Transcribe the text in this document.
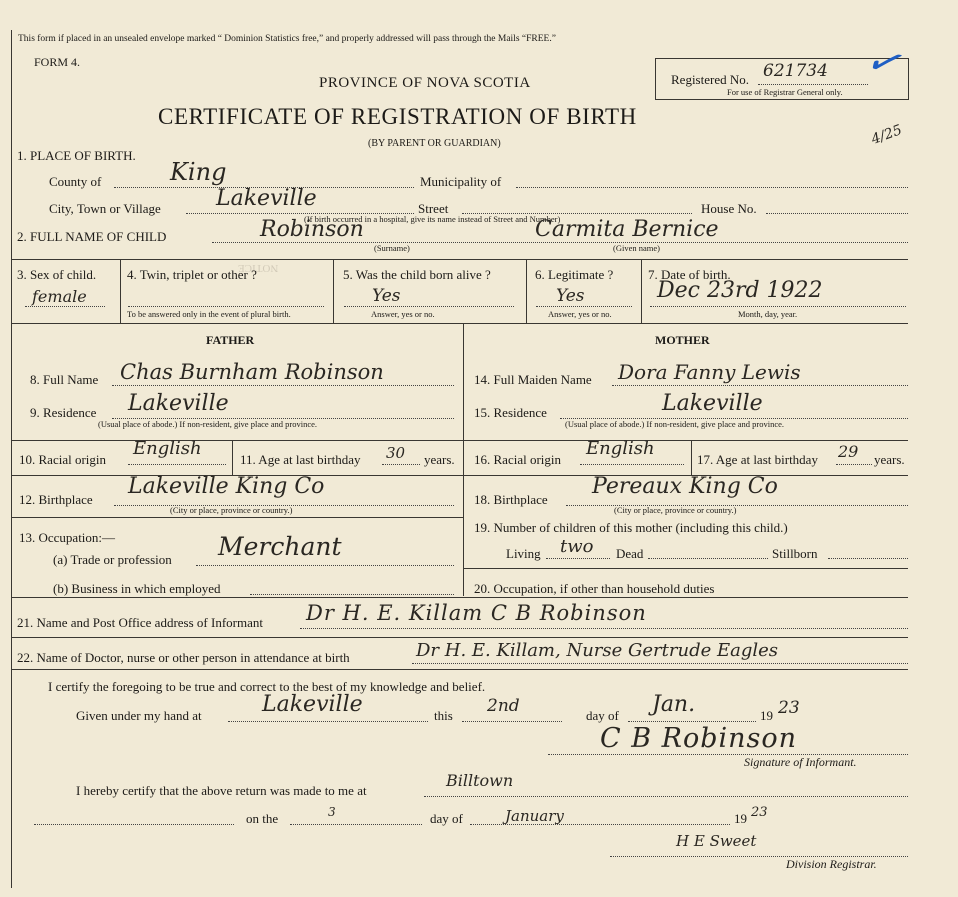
NOTICE
This form if placed in an unsealed envelope marked “ Dominion Statistics free,” and properly addressed will pass through the Mails “FREE.”
FORM 4.
PROVINCE OF NOVA SCOTIA
CERTIFICATE OF REGISTRATION OF BIRTH
(BY PARENT OR GUARDIAN)
Registered No. 621734
For use of Registrar General only.
✓
4/25
1. PLACE OF BIRTH.
County of	King	Municipality of
City, Town or Village	Lakeville	Street	House No.
(If birth occurred in a hospital, give its name instead of Street and Number)
2. FULL NAME OF CHILD	Robinson
(Surname)
Carmita Bernice
(Given name)
3. Sex of child.
female
4. Twin, triplet or other ?
To be answered only in the event of plural birth.
5. Was the child born alive ?
Yes
Answer, yes or no.
6. Legitimate ?
Yes
Answer, yes or no.
7. Date of birth.
Dec 23rd 1922
Month, day, year.
FATHER	MOTHER
8. Full Name Chas Burnham Robinson
9. Residence Lakeville
(Usual place of abode.) If non-resident, give place and province.
10. Racial origin
English
11. Age at last birthday 30 years.
12. Birthplace
Lakeville King Co
(City or place, province or country.)
13. Occupation:—
(a) Trade or profession Merchant
(b) Business in which employed
14. Full Maiden Name Dora Fanny Lewis
15. Residence	Lakeville
(Usual place of abode.) If non-resident, give place and province.
16. Racial origin
English
17. Age at last birthday 29 years.
18. Birthplace
Pereaux King Co
(City or place, province or country.)
19. Number of children of this mother (including this child.)
Living two Dead	Stillborn
20. Occupation, if other than household duties
21. Name and Post Office address of Informant Dr H. E. Killam C B Robinson
22. Name of Doctor, nurse or other person in attendance at birth	Dr H. E. Killam, Nurse Gertrude Eagles
I certify the foregoing to be true and correct to the best of my knowledge and belief.
Given under my hand at	Lakeville	this 2nd	day of Jan.	19 23
C B Robinson
Signature of Informant.
I hereby certify that the above return was made to me at
Billtown
on the	3	day of	January	19 23
H E Sweet
Division Registrar.
